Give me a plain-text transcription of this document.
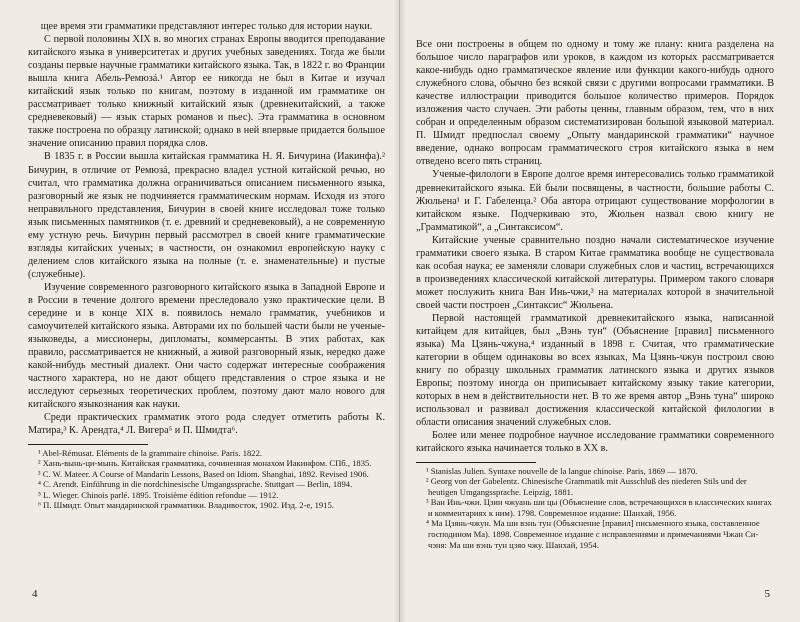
щее время эти грамматики представляют интерес только для истории науки.

С первой половины XIX в. во многих странах Европы вводится преподавание китайского языка в университетах и других учебных заведениях. Тогда же были созданы первые научные грамматики китайского языка. Так, в 1822 г. во Франции вышла книга Абель-Ремюзá.¹ Автор ее никогда не был в Китае и изучал китайский язык только по книгам, поэтому в изданной им грамматике он рассматривает только книжный китайский язык (древнекитайский, а также средневековый) — язык старых романов и пьес). Эта грамматика в основном также построена по образцу латинской; однако в ней впервые придается большое значение описанию правил порядка слов.

В 1835 г. в России вышла китайская грамматика Н. Я. Бичурина (Иакинфа).² Бичурин, в отличие от Ремюзá, прекрасно владел устной китайской речью, но считал, что грамматика должна ограничиваться описанием письменного языка, разговорный же язык не подчиняется грамматическим нормам. Исходя из этого неправильного представления, Бичурин в своей книге исследовал тоже только язык письменных памятников (т. е. древний и средневековый), а не современную ему устную речь. Бичурин первый рассмотрел в своей книге грамматические взгляды китайских ученых; в частности, он ознакомил европейскую науку с делением слов китайского языка на полные (т. е. знаменательные) и пустые (служебные).

Изучение современного разговорного китайского языка в Западной Европе и в России в течение долгого времени преследовало узко практические цели. В середине и в конце XIX в. появилось немало грамматик, учебников и самоучителей китайского языка. Авторами их по большей части были не ученые-языковеды, а миссионеры, дипломаты, коммерсанты. В этих работах, как правило, рассматривается не книжный, а живой разговорный язык, нередко даже какой-нибудь местный диалект. Они часто содержат интересные соображения частного характера, но не дают общего представления о строе языка и не исследуют серьезных теоретических проблем, поэтому дают мало нового для китайского языкознания как науки.

Среди практических грамматик этого рода следует отметить работы К. Матира,³ К. Арендта,⁴ Л. Вигера⁵ и П. Шмидта⁶.

¹ Abel-Rémusat. Eléments de la grammaire chinoise. Paris. 1822.

² Хань-вынь-ци-мынь. Китайская грамматика, сочиненная монахом Иакинфом. СПб., 1835.

³ C. W. Mateer. A Course of Mandarin Lessons, Based on Idiom. Shanghai, 1892. Revised 1906.

⁴ C. Arendt. Einführung in die nordchinesische Umgangssprache. Stuttgart — Berlin, 1894.

⁵ L. Wieger. Chinois parlé. 1895. Troisième édition refondue — 1912.

⁶ П. Шмидт. Опыт мандаринской грамматики. Владивосток, 1902. Изд. 2-е, 1915.

4

Все они построены в общем по одному и тому же плану: книга разделена на большое число параграфов или уроков, в каждом из которых рассматривается какое-нибудь одно грамматическое явление или функции какого-нибудь одного служебного слова, обычно без всякой связи с другими вопросами грамматики. В качестве иллюстрации приводится большое количество примеров. Порядок изложения часто случаен. Эти работы ценны, главным образом, тем, что в них собран и определенным образом систематизирован большой языковой материал. П. Шмидт предпослал своему „Опыту мандаринской грамматики“ научное введение, однако вопросам грамматического строя китайского языка в нем отведено всего пять страниц.

Ученые-филологи в Европе долгое время интересовались только грамматикой древнекитайского языка. Ей были посвящены, в частности, большие работы С. Жюльена¹ и Г. Габеленца.² Оба автора отрицают существование морфологии в китайском языке. Подчеркиваю это, Жюльен назвал свою книгу не „Грамматикой“, а „Синтаксисом“.

Китайские ученые сравнительно поздно начали систематическое изучение грамматики своего языка. В старом Китае грамматика вообще не существовала как особая наука; ее заменяли словари служебных слов и частиц, встречающихся в произведениях классической китайской литературы. Примером такого словаря может послужить книга Ван Инь-чжи,³ на материалах которой в значительной своей части построен „Синтаксис“ Жюльена.

Первой настоящей грамматикой древнекитайского языка, написанной китайцем для китайцев, был „Вэнь тун“ (Объяснение [правил] письменного языка) Ма Цзянь-чжуна,⁴ изданный в 1898 г. Считая, что грамматические категории в общем одинаковы во всех языках, Ма Цзянь-чжун построил свою книгу по образцу школьных грамматик латинского языка и других языков Европы; поэтому иногда он приписывает китайскому языку такие категории, которых в нем в действительности нет. В то же время автор „Вэнь туна“ широко использовал и развивал достижения классической китайской филологии в области описания значений служебных слов.

Более или менее подробное научное исследование грамматики современного китайского языка начинается только в XX в.

¹ Stanislas Julien. Syntaxe nouvelle de la langue chinoise. Paris, 1869 — 1870.

² Georg von der Gabelentz. Chinesische Grammatik mit Ausschluß des niederen Stils und der heutigen Umgangssprache. Leipzig, 1881.

³ Ван Инь-чжи. Цзин чжуань ши цы (Объяснение слов, встречающихся в классических книгах и комментариях к ним). 1798. Современное издание: Шанхай, 1956.

⁴ Ма Цзянь-чжун. Ма ши вэнь тун (Объяснение [правил] письменного языка, составленное господином Ма). 1898. Современное издание с исправлениями и примечаниями Чжан Си-чэня: Ма ши вэнь тун цзяо чжу. Шанхай, 1954.

5
